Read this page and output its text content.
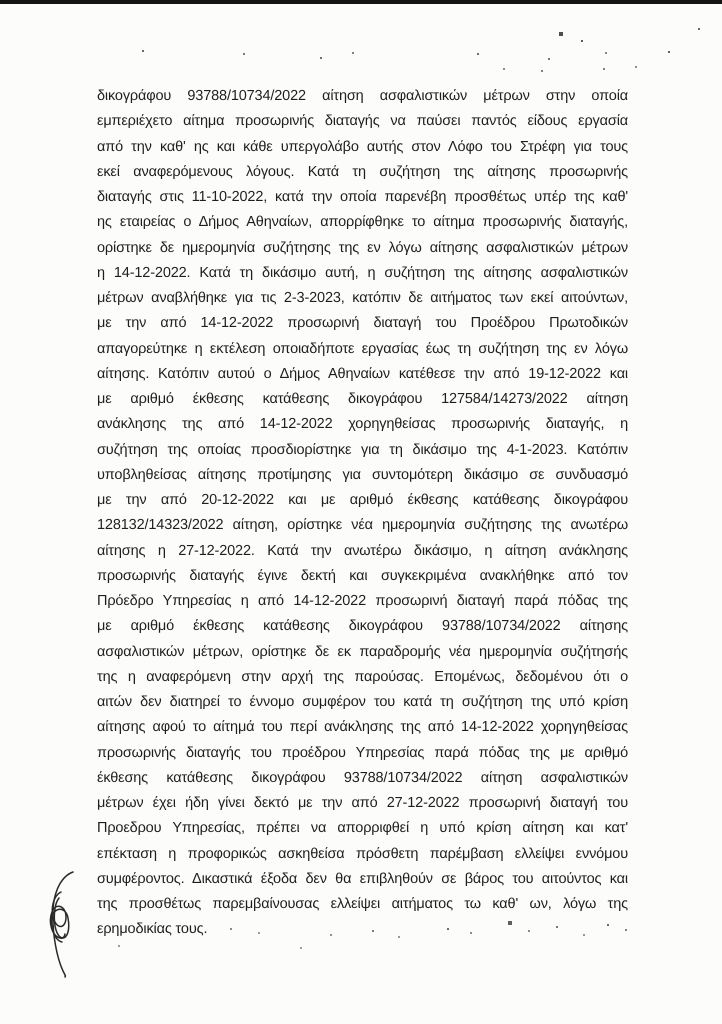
δικογράφου 93788/10734/2022 αίτηση ασφαλιστικών μέτρων στην οποία
εμπεριέχετο αίτημα προσωρινής διαταγής να παύσει παντός είδους εργασία
από την καθ' ης και κάθε υπεργολάβο αυτής στον Λόφο του Στρέφη για τους
εκεί αναφερόμενους λόγους. Κατά τη συζήτηση της αίτησης προσωρινής
διαταγής στις 11-10-2022, κατά την οποία παρενέβη προσθέτως υπέρ της καθ'
ης εταιρείας ο Δήμος Αθηναίων, απορρίφθηκε το αίτημα προσωρινής διαταγής,
ορίστηκε δε ημερομηνία συζήτησης της εν λόγω αίτησης ασφαλιστικών μέτρων
η 14-12-2022. Κατά τη δικάσιμο αυτή, η συζήτηση της αίτησης ασφαλιστικών
μέτρων αναβλήθηκε για τις 2-3-2023, κατόπιν δε αιτήματος των εκεί αιτούντων,
με την από 14-12-2022 προσωρινή διαταγή του Προέδρου Πρωτοδικών
απαγορεύτηκε η εκτέλεση οποιαδήποτε εργασίας έως τη συζήτηση της εν λόγω
αίτησης. Κατόπιν αυτού ο Δήμος Αθηναίων κατέθεσε την από 19-12-2022 και
με αριθμό έκθεσης κατάθεσης δικογράφου 127584/14273/2022 αίτηση
ανάκλησης της από 14-12-2022 χορηγηθείσας προσωρινής διαταγής, η
συζήτηση της οποίας προσδιορίστηκε για τη δικάσιμο της 4-1-2023. Κατόπιν
υποβληθείσας αίτησης προτίμησης για συντομότερη δικάσιμο σε συνδυασμό
με την από 20-12-2022 και με αριθμό έκθεσης κατάθεσης δικογράφου
128132/14323/2022 αίτηση, ορίστηκε νέα ημερομηνία συζήτησης της ανωτέρω
αίτησης η 27-12-2022. Κατά την ανωτέρω δικάσιμο, η αίτηση ανάκλησης
προσωρινής διαταγής έγινε δεκτή και συγκεκριμένα ανακλήθηκε από τον
Πρόεδρο Υπηρεσίας η από 14-12-2022 προσωρινή διαταγή παρά πόδας της
με αριθμό έκθεσης κατάθεσης δικογράφου 93788/10734/2022 αίτησης
ασφαλιστικών μέτρων, ορίστηκε δε εκ παραδρομής νέα ημερομηνία συζήτησής
της η αναφερόμενη στην αρχή της παρούσας. Επομένως, δεδομένου ότι ο
αιτών δεν διατηρεί το έννομο συμφέρον του κατά τη συζήτηση της υπό κρίση
αίτησης αφού το αίτημά του περί ανάκλησης της από 14-12-2022 χορηγηθείσας
προσωρινής διαταγής του προέδρου Υπηρεσίας παρά πόδας της με αριθμό
έκθεσης κατάθεσης δικογράφου 93788/10734/2022 αίτηση ασφαλιστικών
μέτρων έχει ήδη γίνει δεκτό με την από 27-12-2022 προσωρινή διαταγή του
Προεδρου Υπηρεσίας, πρέπει να απορριφθεί η υπό κρίση αίτηση και κατ'
επέκταση η προφορικώς ασκηθείσα πρόσθετη παρέμβαση ελλείψει εννόμου
συμφέροντος. Δικαστικά έξοδα δεν θα επιβληθούν σε βάρος του αιτούντος και
της προσθέτως παρεμβαίνουσας ελλείψει αιτήματος τω καθ' ων, λόγω της
ερημοδικίας τους.
